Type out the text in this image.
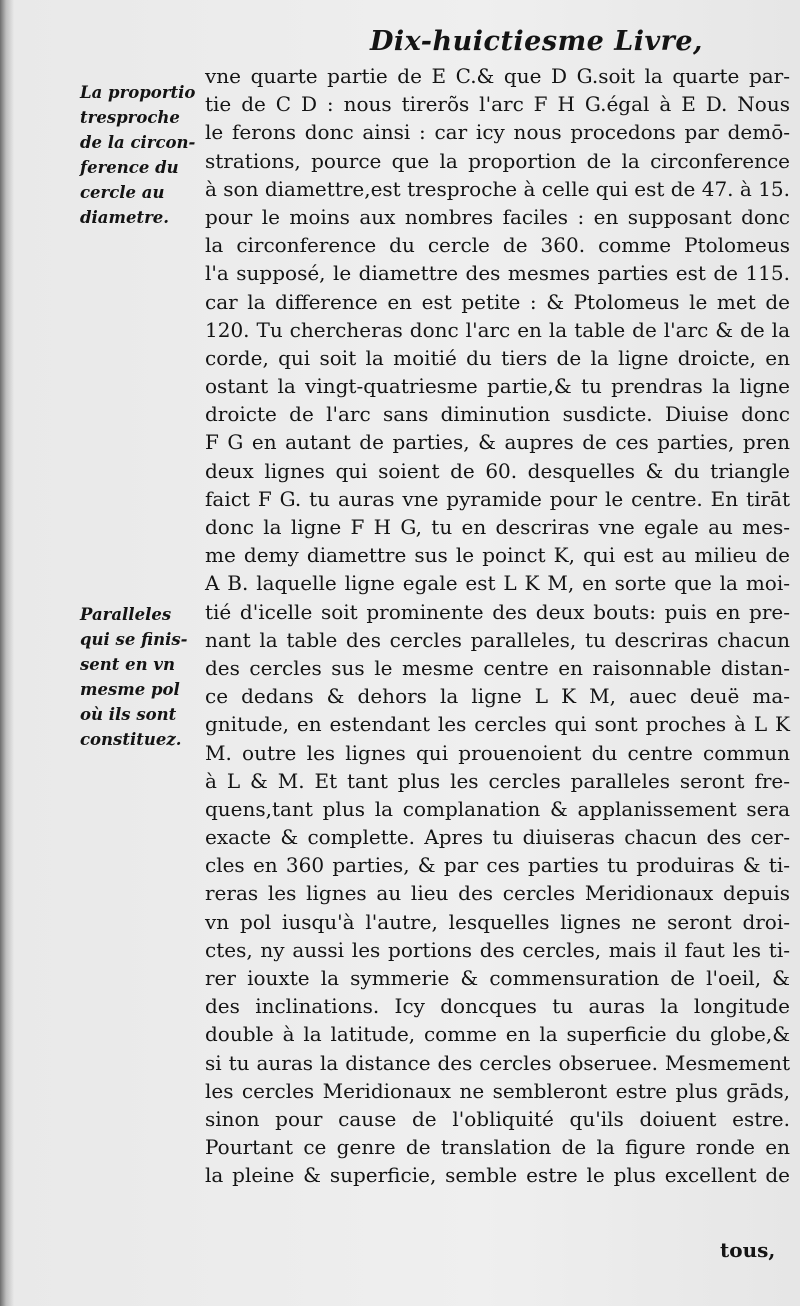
Dix-huictiesme Livre,
La proportio
tresproche
de la circon-
ference du
cercle au
diametre.
Paralleles
qui se finis-
sent en vn
mesme pol
où ils sont
constituez.
vne quarte partie de E C.& que D G.soit la quarte par-
tie de C D : nous tirerõs l'arc F H G.égal à E D. Nous
le ferons donc ainsi : car icy nous procedons par demō-
strations, pource que la proportion de la circonference
à son diamettre,est tresproche à celle qui est de 47. à 15.
pour le moins aux nombres faciles : en supposant donc
la circonference du cercle de 360. comme Ptolomeus
l'a supposé, le diamettre des mesmes parties est de 115.
car la difference en est petite : & Ptolomeus le met de
120. Tu chercheras donc l'arc en la table de l'arc & de la
corde, qui soit la moitié du tiers de la ligne droicte, en
ostant la vingt-quatriesme partie,& tu prendras la ligne
droicte de l'arc sans diminution susdicte. Diuise donc
F G en autant de parties, & aupres de ces parties, pren
deux lignes qui soient de 60. desquelles & du triangle
faict F G. tu auras vne pyramide pour le centre. En tirāt
donc la ligne F H G, tu en descriras vne egale au mes-
me demy diamettre sus le poinct K, qui est au milieu de
A B. laquelle ligne egale est L K M, en sorte que la moi-
tié d'icelle soit prominente des deux bouts: puis en pre-
nant la table des cercles paralleles, tu descriras chacun
des cercles sus le mesme centre en raisonnable distan-
ce dedans & dehors la ligne L K M, auec deuë ma-
gnitude, en estendant les cercles qui sont proches à L K
M. outre les lignes qui prouenoient du centre commun
à L & M. Et tant plus les cercles paralleles seront fre-
quens,tant plus la complanation & applanissement sera
exacte & complette. Apres tu diuiseras chacun des cer-
cles en 360 parties, & par ces parties tu produiras & ti-
reras les lignes au lieu des cercles Meridionaux depuis
vn pol iusqu'à l'autre, lesquelles lignes ne seront droi-
ctes, ny aussi les portions des cercles, mais il faut les ti-
rer iouxte la symmerie & commensuration de l'oeil, &
des inclinations. Icy doncques tu auras la longitude
double à la latitude, comme en la superficie du globe,&
si tu auras la distance des cercles obseruee. Mesmement
les cercles Meridionaux ne sembleront estre plus grāds,
sinon pour cause de l'obliquité qu'ils doiuent estre.
Pourtant ce genre de translation de la figure ronde en
la pleine & superficie, semble estre le plus excellent de
tous,
